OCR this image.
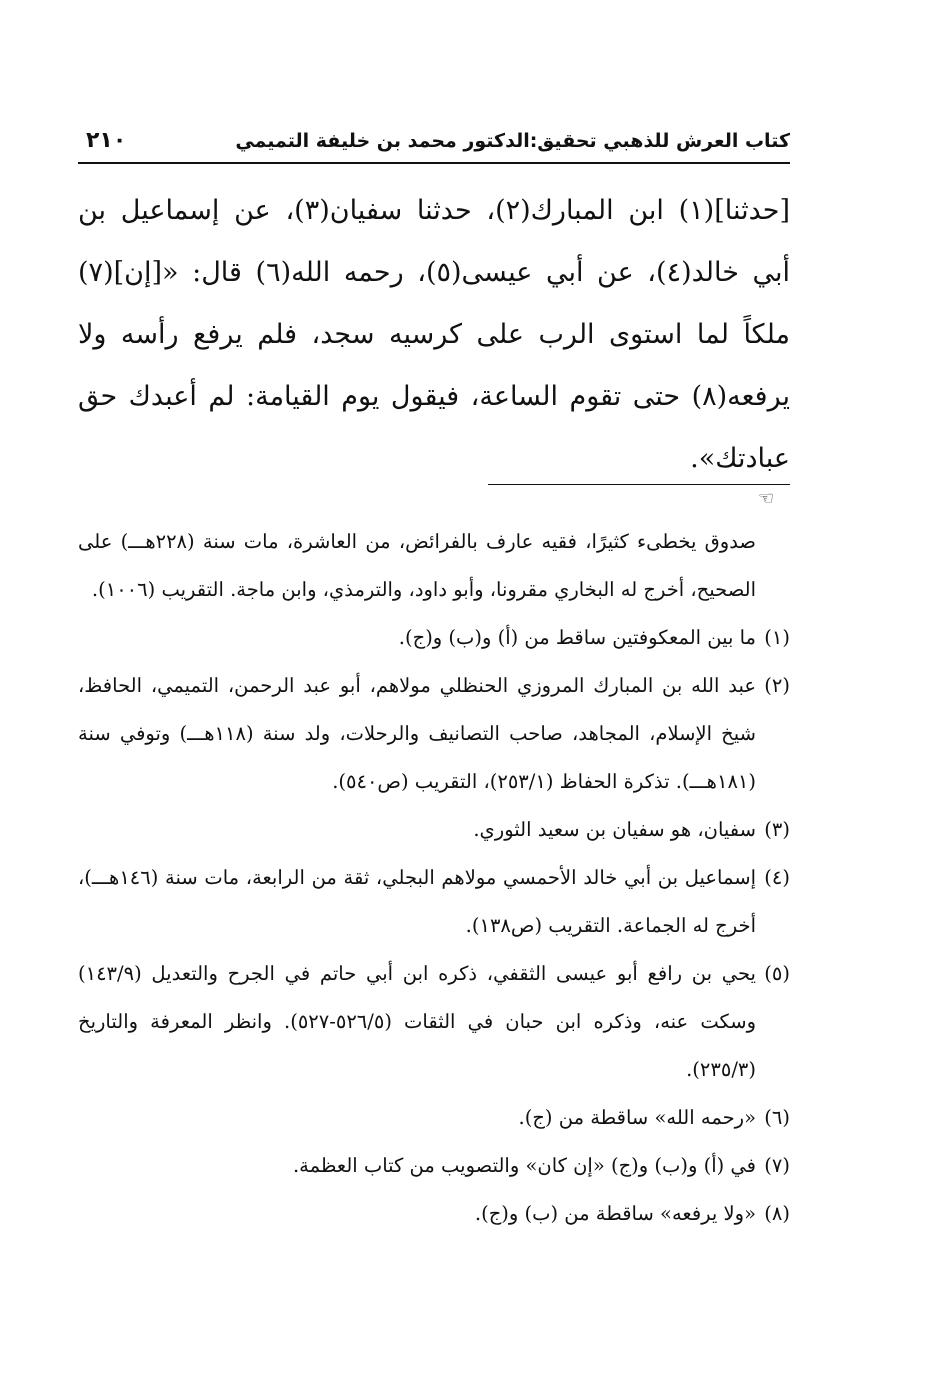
كتاب العرش للذهبي تحقيق:الدكتور محمد بن خليفة التميمي
٢١٠

[حدثنا](١) ابن المبارك(٢)، حدثنا سفيان(٣)، عن إسماعيل بن أبي خالد(٤)، عن أبي عيسى(٥)، رحمه الله(٦) قال: «[إن](٧) ملكاً لما استوى الرب على كرسيه سجد، فلم يرفع رأسه ولا يرفعه(٨) حتى تقوم الساعة، فيقول يوم القيامة: لم أعبدك حق عبادتك».

☜

صدوق يخطىء كثيرًا، فقيه عارف بالفرائض، من العاشرة، مات سنة (٢٢٨هـــ) على الصحيح، أخرج له البخاري مقرونا، وأبو داود، والترمذي، وابن ماجة. التقريب (١٠٠٦).

(١)
ما بين المعكوفتين ساقط من (أ) و(ب) و(ج).
(٢)
عبد الله بن المبارك المروزي الحنظلي مولاهم، أبو عبد الرحمن، التميمي، الحافظ، شيخ الإسلام، المجاهد، صاحب التصانيف والرحلات، ولد سنة (١١٨هـــ) وتوفي سنة (١٨١هـــ). تذكرة الحفاظ (٢٥٣/١)، التقريب (ص٥٤٠).
(٣)
سفيان، هو سفيان بن سعيد الثوري.
(٤)
إسماعيل بن أبي خالد الأحمسي مولاهم البجلي، ثقة من الرابعة، مات سنة (١٤٦هـــ)، أخرج له الجماعة. التقريب (ص١٣٨).
(٥)
يحي بن رافع أبو عيسى الثقفي، ذكره ابن أبي حاتم في الجرح والتعديل (١٤٣/٩) وسكت عنه، وذكره ابن حبان في الثقات (٥٢٦/٥-٥٢٧). وانظر المعرفة والتاريخ (٢٣٥/٣).
(٦)
«رحمه الله» ساقطة من (ج).
(٧)
في (أ) و(ب) و(ج) «إن كان» والتصويب من كتاب العظمة.
(٨)
«ولا يرفعه» ساقطة من (ب) و(ج).
